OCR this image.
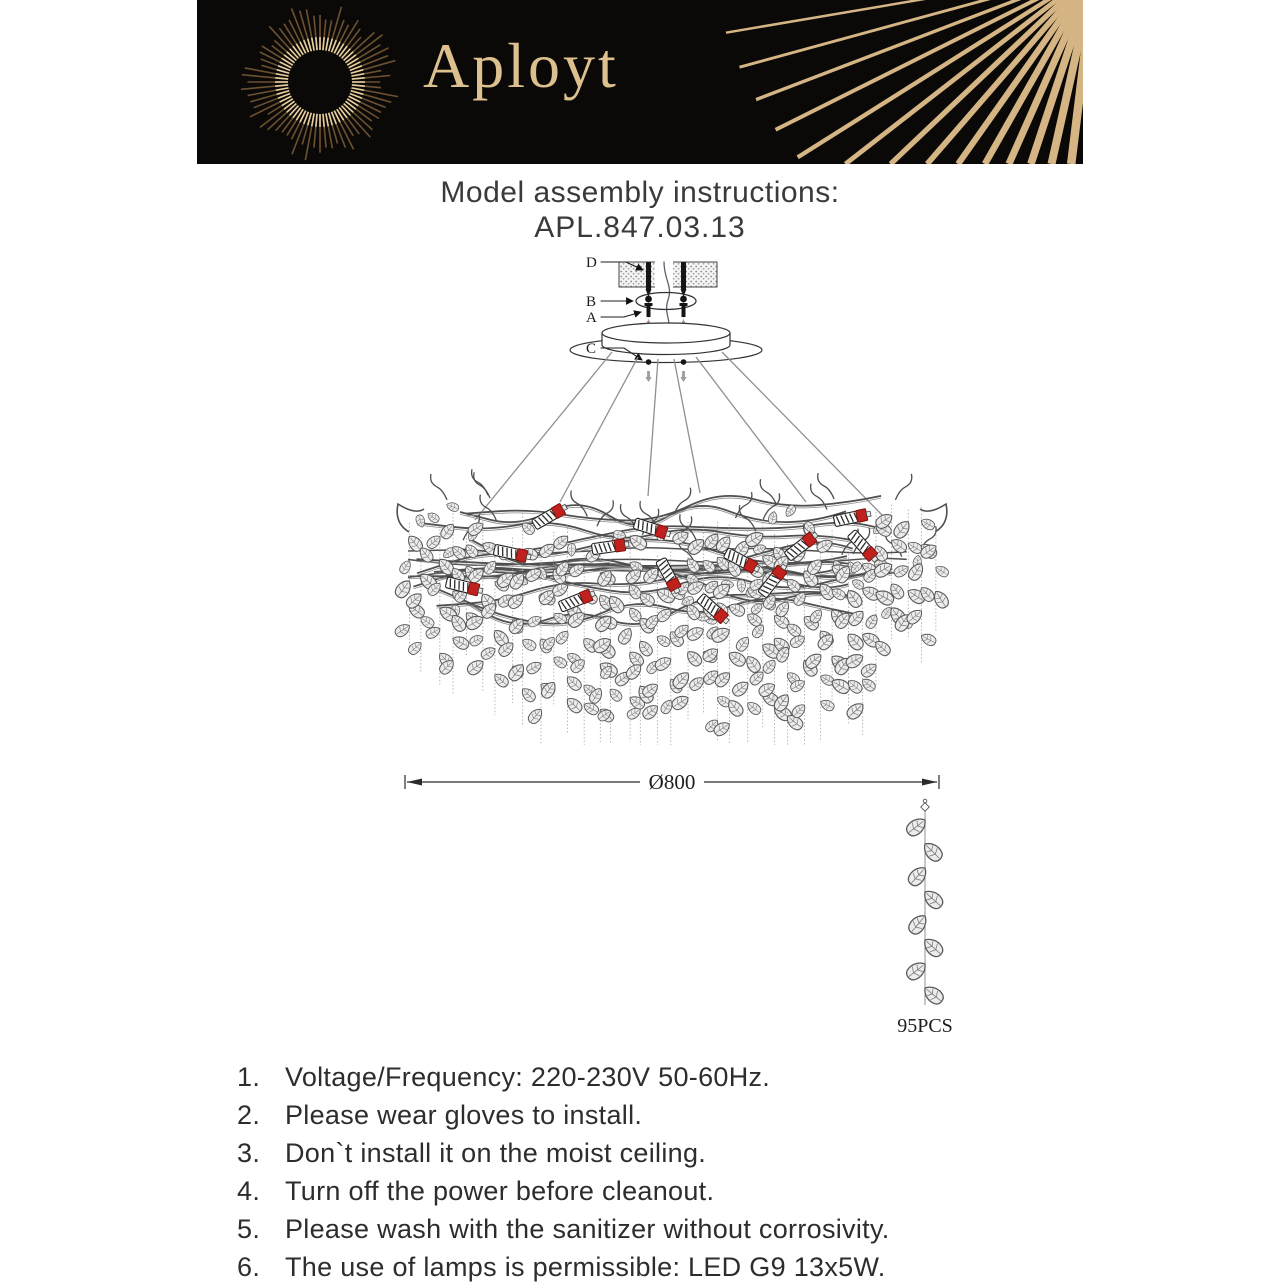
Aployt
Model assembly instructions:
APL.847.03.13
D
B
A
C
Ø800
95PCS
1. Voltage/Frequency: 220-230V 50-60Hz.
2. Please wear gloves to install.
3. Don`t install it on the moist ceiling.
4. Turn off the power before cleanout.
5. Please wash with the sanitizer without corrosivity.
6. The use of lamps is permissible: LED G9 13x5W.
